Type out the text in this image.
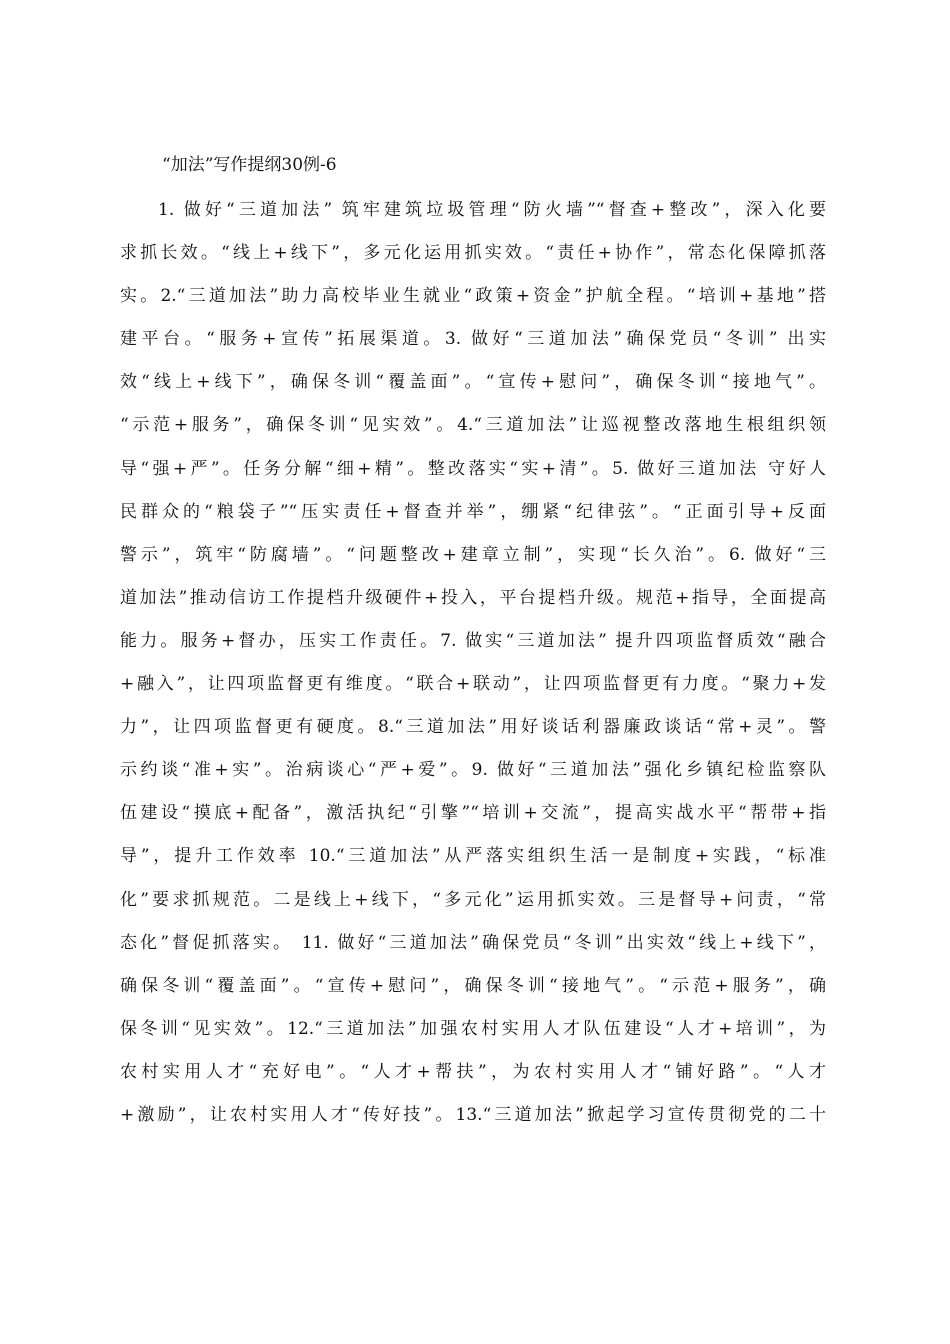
“加法”写作提纲30例-6
1. 做好“三道加法” 筑牢建筑垃圾管理“防火墙”“督查+整改”，深入化要
求抓长效。“线上+线下”，多元化运用抓实效。“责任+协作”，常态化保障抓落
实。2.“三道加法”助力高校毕业生就业“政策+资金”护航全程。“培训+基地”搭
建平台。“服务+宣传”拓展渠道。3. 做好“三道加法”确保党员“冬训” 出实
效“线上+线下”，确保冬训“覆盖面”。“宣传+慰问”，确保冬训“接地气”。
“示范+服务”，确保冬训“见实效”。4.“三道加法”让巡视整改落地生根组织领
导“强+严”。任务分解“细+精”。整改落实“实+清”。5. 做好三道加法 守好人
民群众的“粮袋子”“压实责任+督查并举”，绷紧“纪律弦”。“正面引导+反面
警示”，筑牢“防腐墙”。“问题整改+建章立制”，实现“长久治”。6. 做好“三
道加法”推动信访工作提档升级硬件+投入，平台提档升级。规范+指导，全面提高
能力。服务+督办，压实工作责任。7. 做实“三道加法” 提升四项监督质效“融合
+融入”，让四项监督更有维度。“联合+联动”，让四项监督更有力度。“聚力+发
力”，让四项监督更有硬度。8.“三道加法”用好谈话利器廉政谈话“常+灵”。警
示约谈“准+实”。治病谈心“严+爱”。9. 做好“三道加法”强化乡镇纪检监察队
伍建设“摸底+配备”，激活执纪“引擎”“培训+交流”，提高实战水平“帮带+指
导”，提升工作效率 10.“三道加法”从严落实组织生活一是制度+实践，“标准
化”要求抓规范。二是线上+线下，“多元化”运用抓实效。三是督导+问责，“常
态化”督促抓落实。 11. 做好“三道加法”确保党员“冬训”出实效“线上+线下”，
确保冬训“覆盖面”。“宣传+慰问”，确保冬训“接地气”。“示范+服务”，确
保冬训“见实效”。12.“三道加法”加强农村实用人才队伍建设“人才+培训”，为
农村实用人才“充好电”。“人才+帮扶”，为农村实用人才“铺好路”。“人才
+激励”，让农村实用人才“传好技”。13.“三道加法”掀起学习宣传贯彻党的二十
